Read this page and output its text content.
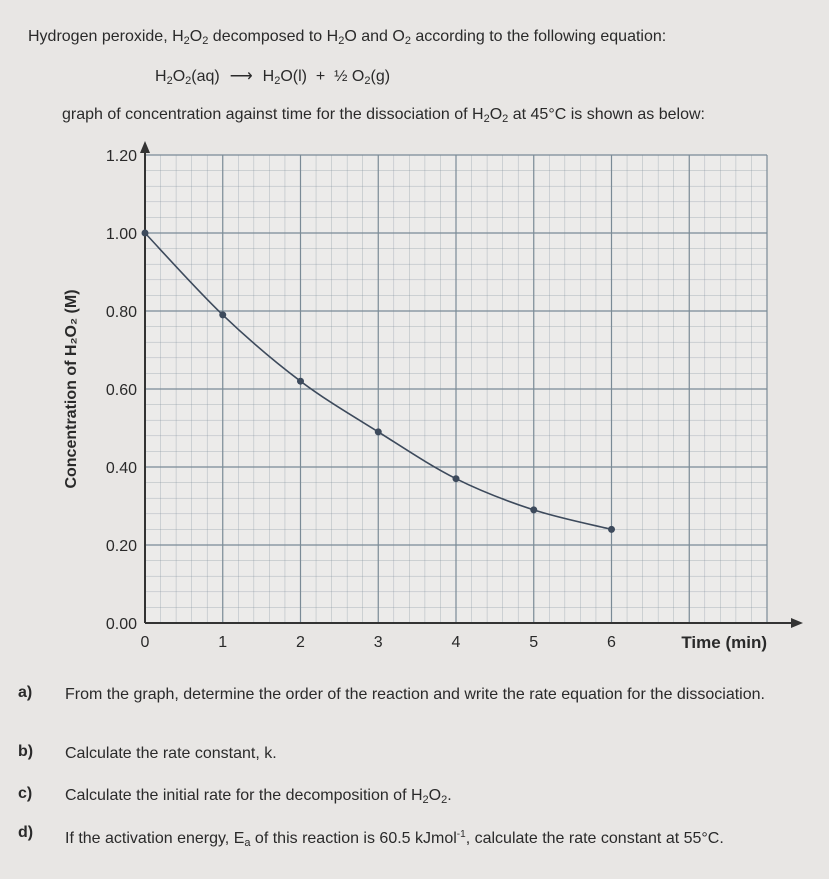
Hydrogen peroxide, $H_2O_2$ decomposed to $H_2O$ and $O_2$ according to the following equation:
$H_2O_2(aq)$ ⟶ $H_2O(l)$  +  ½ $O_2(g)$
graph of concentration against time for the dissociation of $H_2O_2$ at 45°C is shown as below:
0.00
0.20
0.40
0.60
0.80
1.00
1.20
0	1	2	3	4	5	6	Time (min)
Concentration of H₂O₂ (M)
a) From the graph, determine the order of the reaction and write the rate equation for the dissociation.
b) Calculate the rate constant, k.
c) Calculate the initial rate for the decomposition of $H_2O_2$.
d) If the activation energy, $E_a$ of this reaction is 60.5 kJmol$^{-1}$, calculate the rate constant at 55°C.
